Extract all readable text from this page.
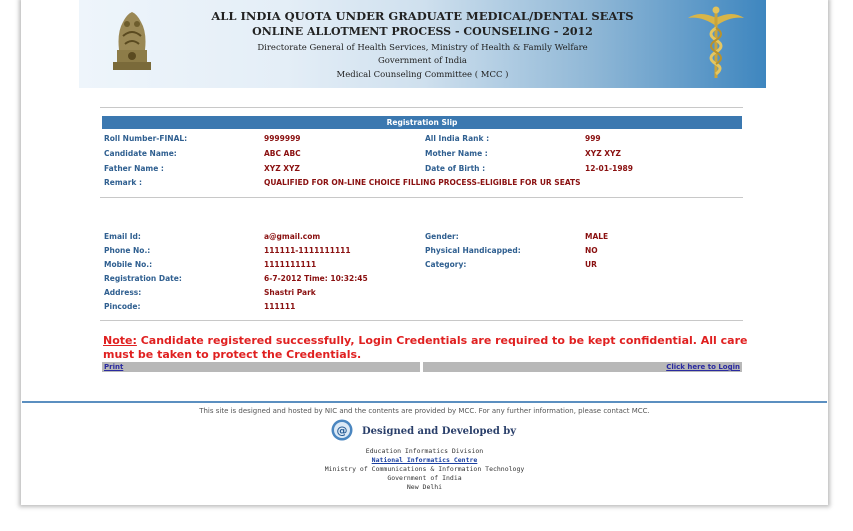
ALL INDIA QUOTA UNDER GRADUATE MEDICAL/DENTAL SEATS
ONLINE ALLOTMENT PROCESS - COUNSELING - 2012
Directorate General of Health Services, Ministry of Health & Family Welfare
Government of India
Medical Counseling Committee ( MCC )
Registration Slip
Roll Number-FINAL:	9999999	All India Rank :	999
Candidate Name:	ABC ABC	Mother Name :	XYZ XYZ
Father Name :	XYZ XYZ	Date of Birth :	12-01-1989
Remark :	QUALIFIED FOR ON-LINE CHOICE FILLING PROCESS-ELIGIBLE FOR UR SEATS
Email Id:	a@gmail.com	Gender:	MALE
Phone No.:	111111-1111111111	Physical Handicapped:	NO
Mobile No.:	1111111111	Category:	UR
Registration Date:	6-7-2012 Time: 10:32:45
Address:	Shastri Park
Pincode:	111111
Note: Candidate registered successfully, Login Credentials are required to be kept confidential. All care must be taken to protect the Credentials.
Print	Click here to Login
This site is designed and hosted by NIC and the contents are provided by MCC. For any further information, please contact MCC.
@ Designed and Developed by
Education Informatics Division
National Informatics Centre
Ministry of Communications & Information Technology
Government of India
New Delhi
